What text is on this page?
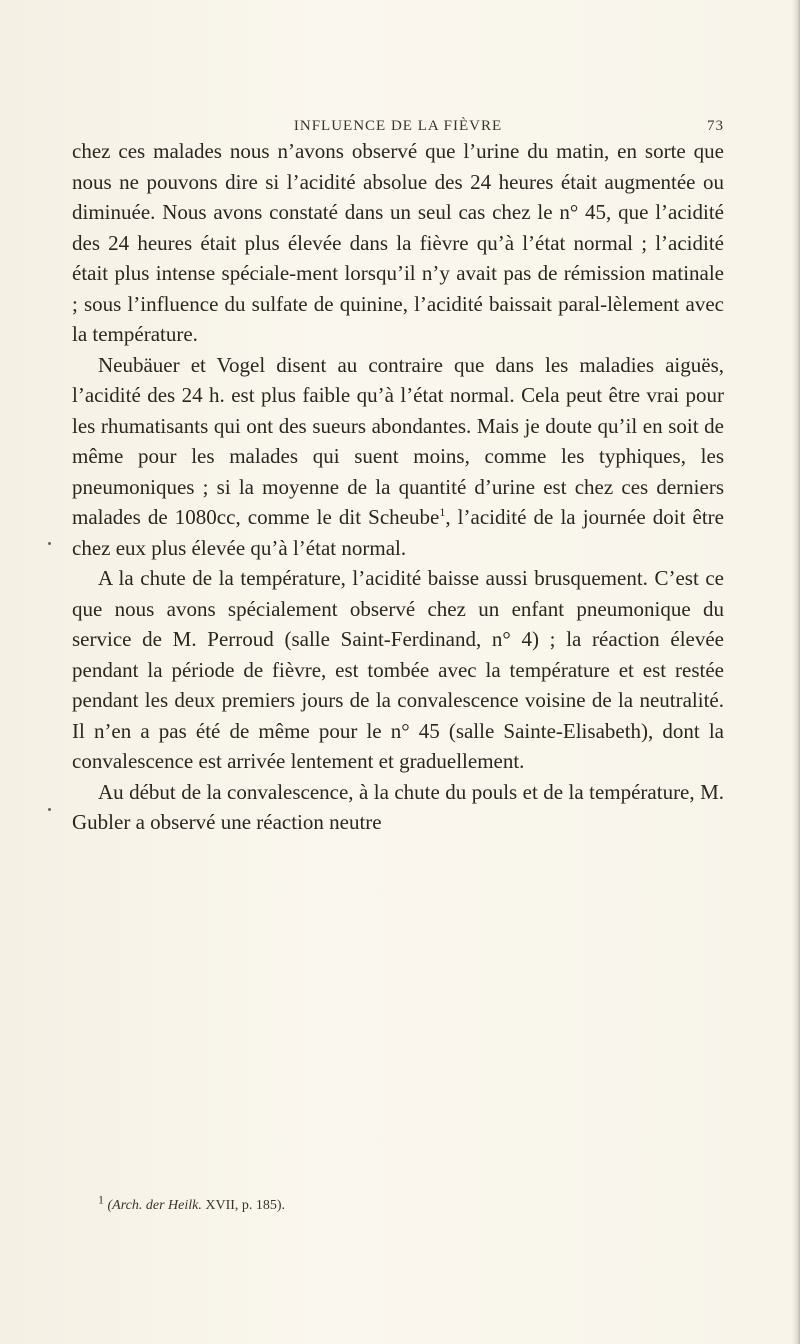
INFLUENCE DE LA FIÈVRE	73

chez ces malades nous n’avons observé que l’urine du matin, en sorte que nous ne pouvons dire si l’acidité absolue des 24 heures était augmentée ou diminuée. Nous avons constaté dans un seul cas chez le n° 45, que l’acidité des 24 heures était plus élevée dans la fièvre qu’à l’état normal ; l’acidité était plus intense spéciale-ment lorsqu’il n’y avait pas de rémission matinale ; sous l’influence du sulfate de quinine, l’acidité baissait paral-lèlement avec la température.

Neubäuer et Vogel disent au contraire que dans les maladies aiguës, l’acidité des 24 h. est plus faible qu’à l’état normal. Cela peut être vrai pour les rhumatisants qui ont des sueurs abondantes. Mais je doute qu’il en soit de même pour les malades qui suent moins, comme les typhiques, les pneumoniques ; si la moyenne de la quantité d’urine est chez ces derniers malades de 1080cc, comme le dit Scheube$^1$, l’acidité de la journée doit être chez eux plus élevée qu’à l’état normal.

A la chute de la température, l’acidité baisse aussi brusquement. C’est ce que nous avons spécialement observé chez un enfant pneumonique du service de M. Perroud (salle Saint-Ferdinand, n° 4) ; la réaction élevée pendant la période de fièvre, est tombée avec la température et est restée pendant les deux premiers jours de la convalescence voisine de la neutralité. Il n’en a pas été de même pour le n° 45 (salle Sainte-Elisabeth), dont la convalescence est arrivée lentement et graduellement.

Au début de la convalescence, à la chute du pouls et de la température, M. Gubler a observé une réaction neutre

$^1$ (Arch. der Heilk. XVII, p. 185).
